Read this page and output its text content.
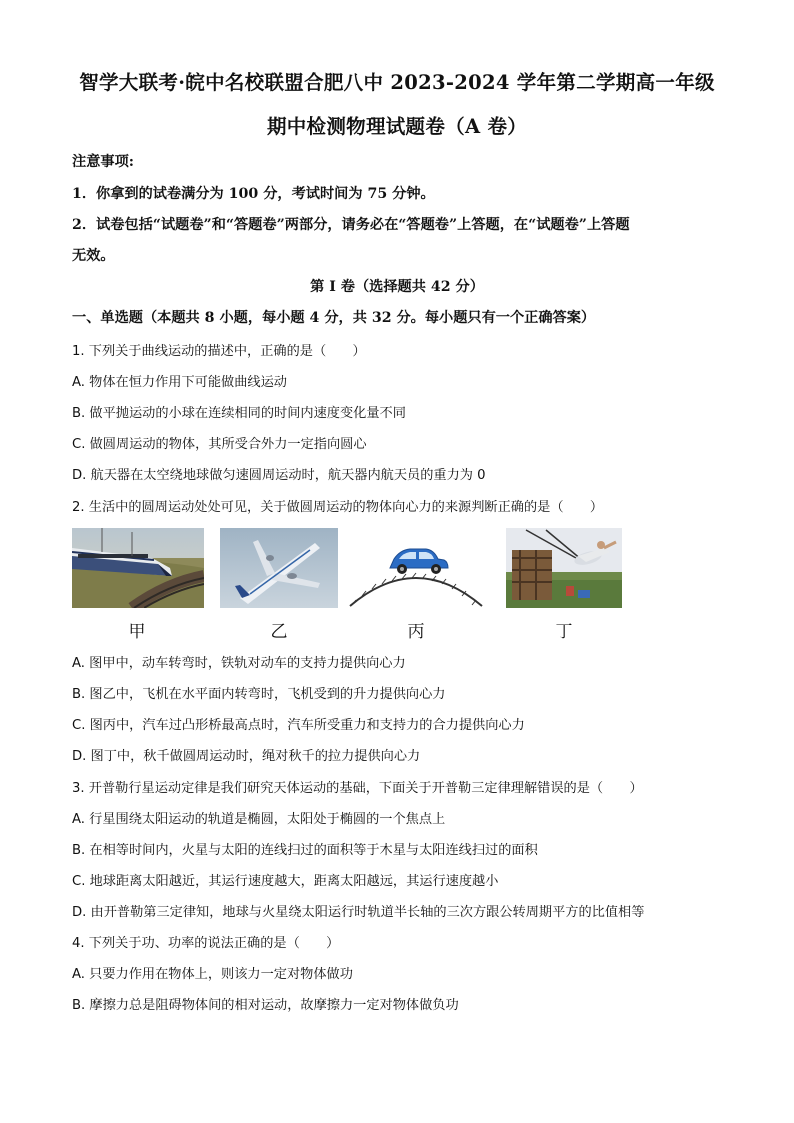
智学大联考·皖中名校联盟合肥八中 2023-2024 学年第二学期高一年级
期中检测物理试题卷（A 卷）
注意事项:
1．你拿到的试卷满分为 100 分，考试时间为 75 分钟。
2．试卷包括“试题卷”和“答题卷”两部分，请务必在“答题卷”上答题，在“试题卷”上答题
无效。
第 I 卷（选择题共 42 分）
一、单选题（本题共 8 小题，每小题 4 分，共 32 分。每小题只有一个正确答案）
1. 下列关于曲线运动的描述中，正确的是（　　）
A. 物体在恒力作用下可能做曲线运动
B. 做平抛运动的小球在连续相同的时间内速度变化量不同
C. 做圆周运动的物体，其所受合外力一定指向圆心
D. 航天器在太空绕地球做匀速圆周运动时，航天器内航天员的重力为 0
2. 生活中的圆周运动处处可见，关于做圆周运动的物体向心力的来源判断正确的是（　　）
甲	乙	丙	丁
A. 图甲中，动车转弯时，铁轨对动车的支持力提供向心力
B. 图乙中，飞机在水平面内转弯时，飞机受到的升力提供向心力
C. 图丙中，汽车过凸形桥最高点时，汽车所受重力和支持力的合力提供向心力
D. 图丁中，秋千做圆周运动时，绳对秋千的拉力提供向心力
3. 开普勒行星运动定律是我们研究天体运动的基础，下面关于开普勒三定律理解错误的是（　　）
A. 行星围绕太阳运动的轨道是椭圆，太阳处于椭圆的一个焦点上
B. 在相等时间内，火星与太阳的连线扫过的面积等于木星与太阳连线扫过的面积
C. 地球距离太阳越近，其运行速度越大，距离太阳越远，其运行速度越小
D. 由开普勒第三定律知，地球与火星绕太阳运行时轨道半长轴的三次方跟公转周期平方的比值相等
4. 下列关于功、功率的说法正确的是（　　）
A. 只要力作用在物体上，则该力一定对物体做功
B. 摩擦力总是阻碍物体间的相对运动，故摩擦力一定对物体做负功
